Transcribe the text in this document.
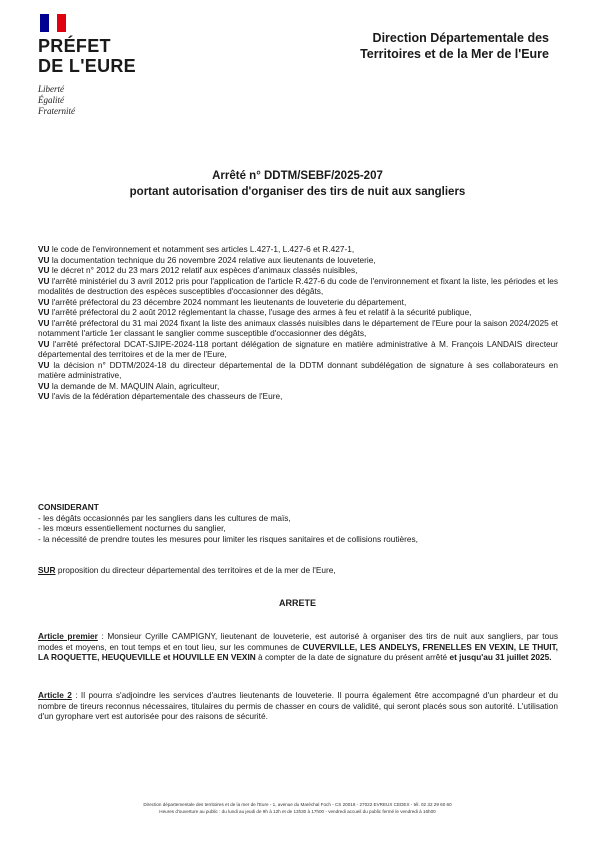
PRÉFET
DE L'EURE
Liberté
Égalité
Fraternité
Direction Départementale des
Territoires et de la Mer de l'Eure
Arrêté n° DDTM/SEBF/2025-207
portant autorisation d'organiser des tirs de nuit aux sangliers

VU le code de l'environnement et notamment ses articles L.427-1, L.427-6 et R.427-1,

VU la documentation technique du 26 novembre 2024 relative aux lieutenants de louveterie,

VU le décret n° 2012 du 23 mars 2012 relatif aux espèces d'animaux classés nuisibles,

VU l'arrêté ministériel du 3 avril 2012 pris pour l'application de l'article R.427-6 du code de l'environnement et fixant la liste, les périodes et les modalités de destruction des espèces susceptibles d'occasionner des dégâts,

VU l'arrêté préfectoral du 23 décembre 2024 nommant les lieutenants de louveterie du département,

VU l'arrêté préfectoral du 2 août 2012 réglementant la chasse, l'usage des armes à feu et relatif à la sécurité publique,

VU l'arrêté préfectoral du 31 mai 2024 fixant la liste des animaux classés nuisibles dans le département de l'Eure pour la saison 2024/2025 et notamment l'article 1er classant le sanglier comme susceptible d'occasionner des dégâts,

VU l'arrêté préfectoral DCAT-SJIPE-2024-118 portant délégation de signature en matière administrative à M. François LANDAIS directeur départemental des territoires et de la mer de l'Eure,

VU la décision n° DDTM/2024-18 du directeur départemental de la DDTM donnant subdélégation de signature à ses collaborateurs en matière administrative,

VU la demande de M. MAQUIN Alain, agriculteur,

VU l'avis de la fédération départementale des chasseurs de l'Eure,

CONSIDERANT

- les dégâts occasionnés par les sangliers dans les cultures de maïs,

- les mœurs essentiellement nocturnes du sanglier,

- la nécessité de prendre toutes les mesures pour limiter les risques sanitaires et de collisions routières,

SUR proposition du directeur départemental des territoires et de la mer de l'Eure,
ARRETE
Article premier : Monsieur Cyrille CAMPIGNY, lieutenant de louveterie, est autorisé à organiser des tirs de nuit aux sangliers, par tous modes et moyens, en tout temps et en tout lieu, sur les communes de CUVERVILLE, LES ANDELYS, FRENELLES EN VEXIN, LE THUIT, LA ROQUETTE, HEUQUEVILLE et HOUVILLE EN VEXIN à compter de la date de signature du présent arrêté et jusqu'au 31 juillet 2025.
Article 2 : Il pourra s'adjoindre les services d'autres lieutenants de louveterie. Il pourra également être accompagné d'un phardeur et du nombre de tireurs reconnus nécessaires, titulaires du permis de chasser en cours de validité, qui seront placés sous son autorité. L'utilisation d'un gyrophare vert est autorisée pour des raisons de sécurité.
Direction départementale des territoires et de la mer de l'Eure - 1, avenue du Maréchal Foch - CS 20018 - 27022 EVREUX CEDEX - tél. 02 32 29 60 60
Heures d'ouverture au public : du lundi au jeudi de 9h à 12h et de 13h30 à 17h00 - vendredi accueil du public fermé le vendredi à 16h00
